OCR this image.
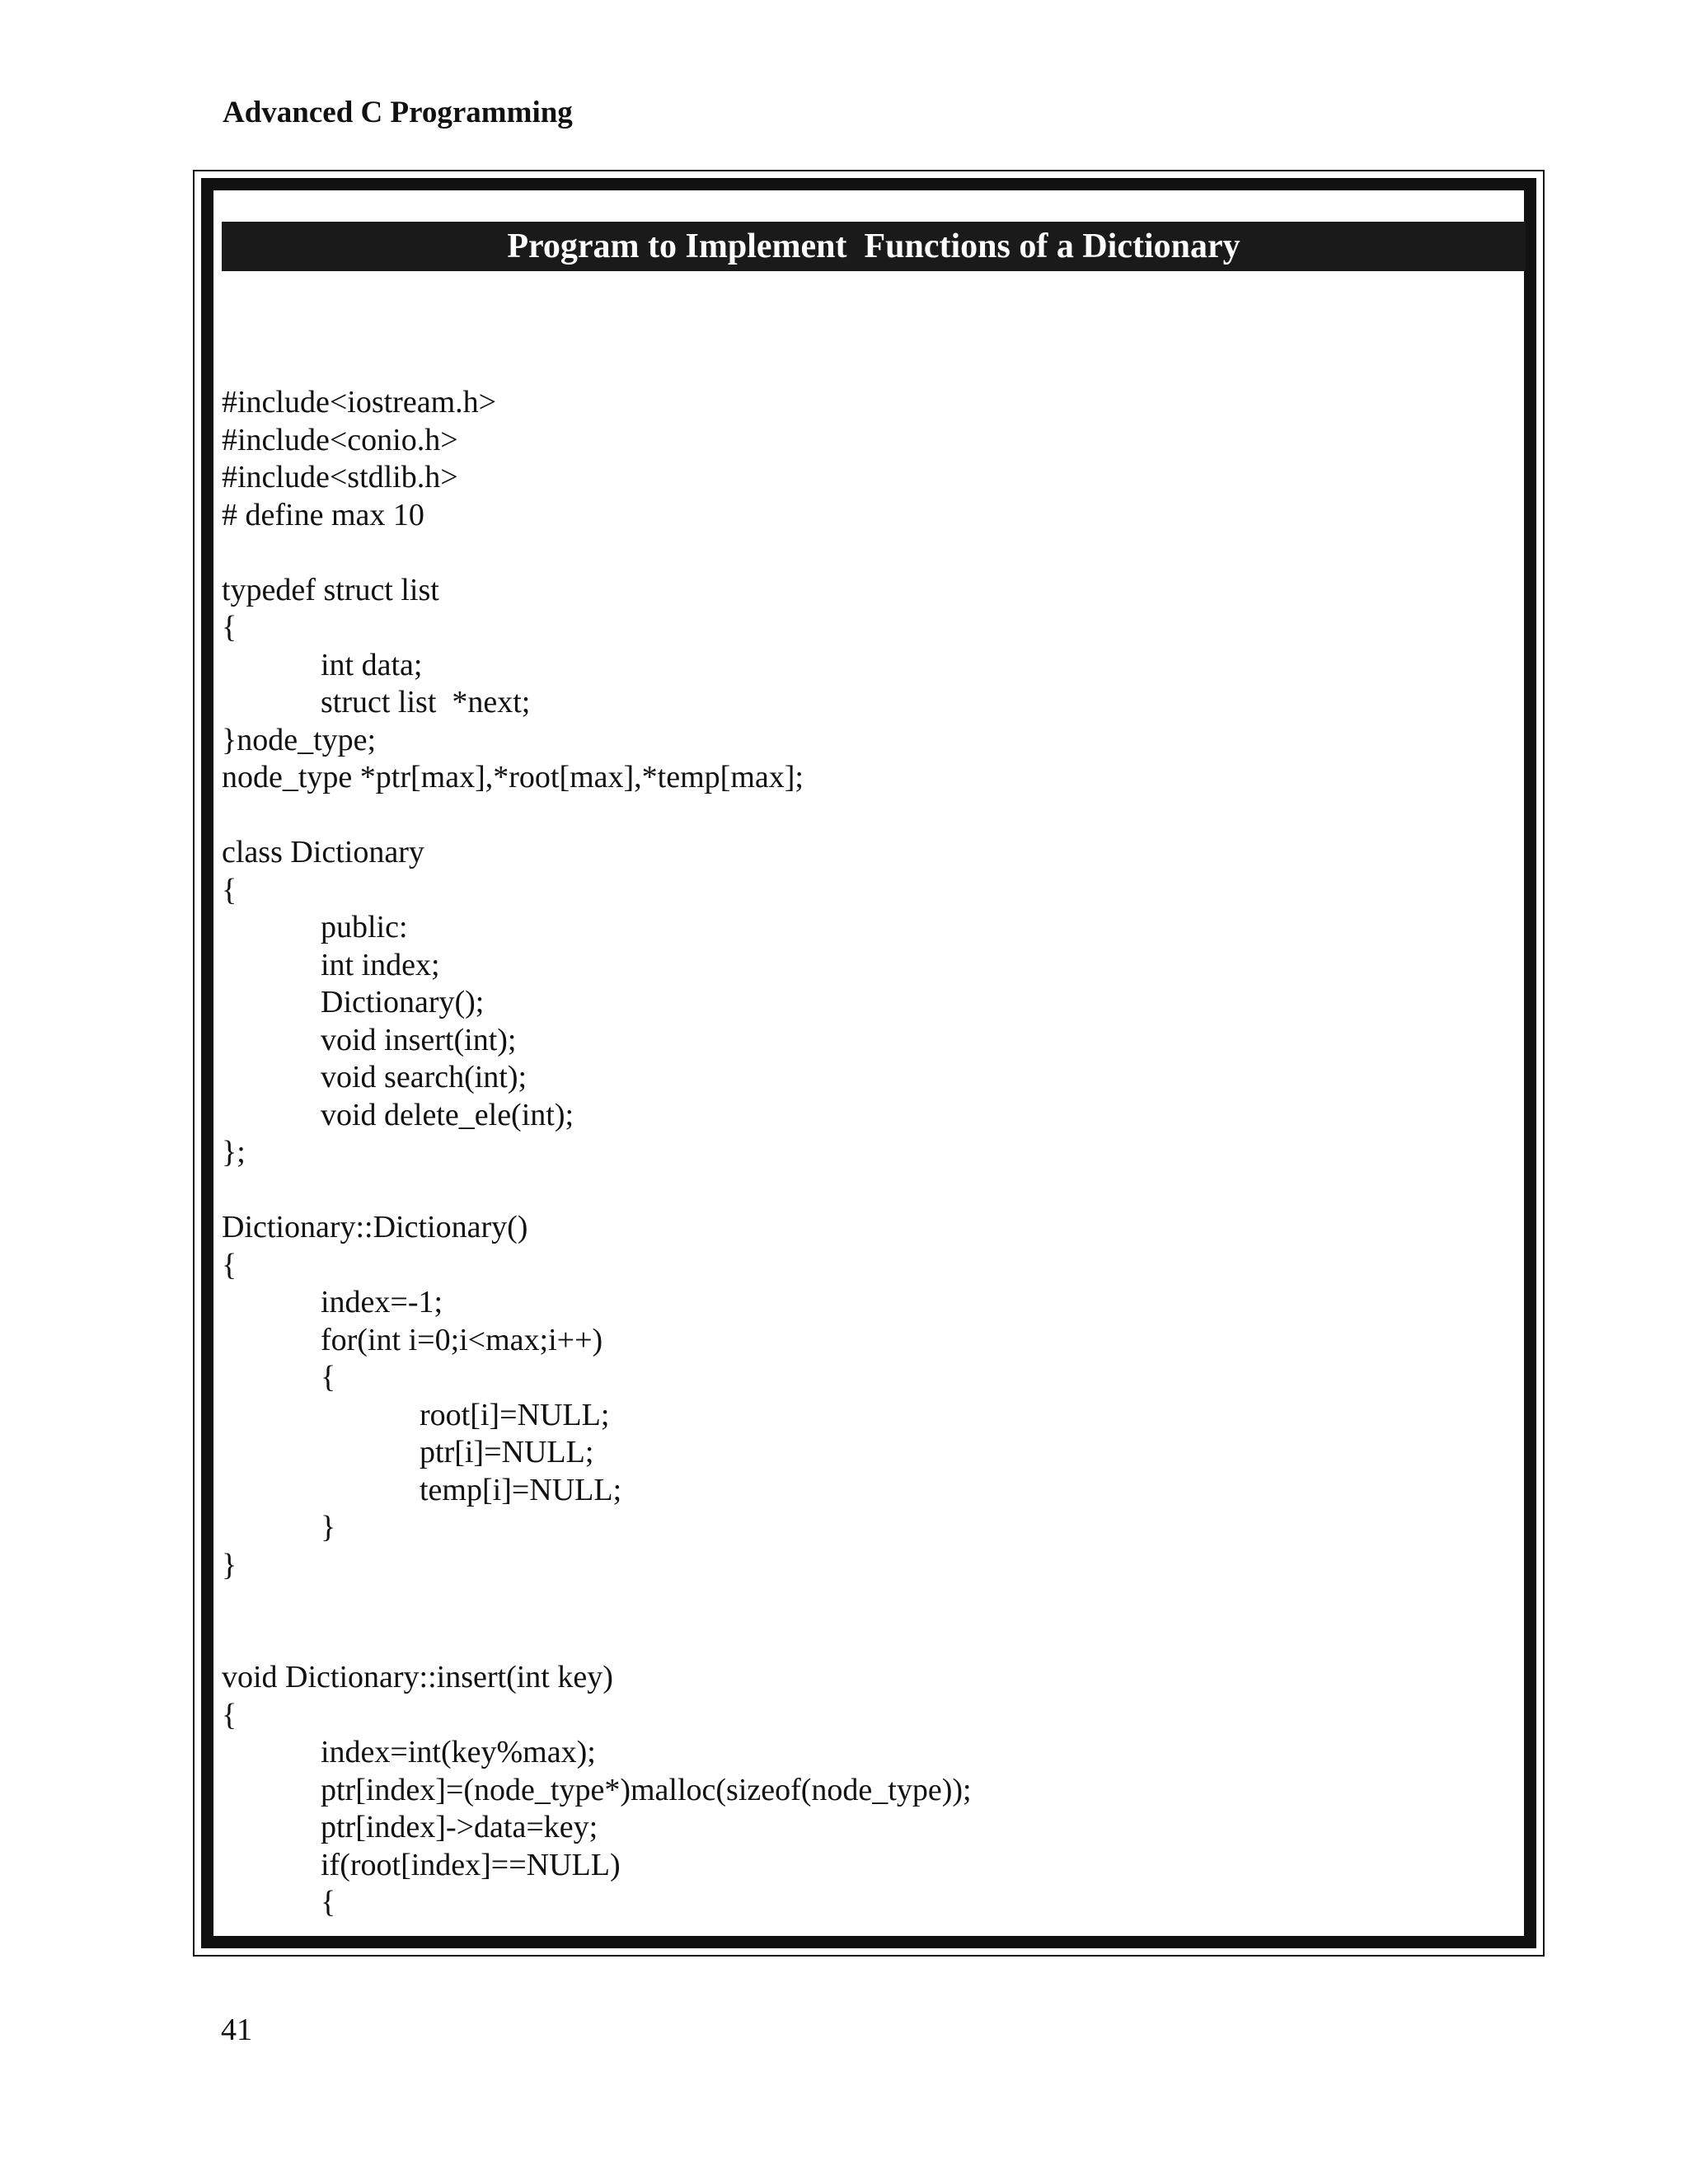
Advanced C Programming
Program to Implement  Functions of a Dictionary
#include<iostream.h>
#include<conio.h>
#include<stdlib.h>
# define max 10
typedef struct list
{
int data;
struct list  *next;
}node_type;
node_type *ptr[max],*root[max],*temp[max];
class Dictionary
{
public:
int index;
Dictionary();
void insert(int);
void search(int);
void delete_ele(int);
};
Dictionary::Dictionary()
{
index=-1;
for(int i=0;i<max;i++)
{
root[i]=NULL;
ptr[i]=NULL;
temp[i]=NULL;
}
}
void Dictionary::insert(int key)
{
index=int(key%max);
ptr[index]=(node_type*)malloc(sizeof(node_type));
ptr[index]->data=key;
if(root[index]==NULL)
{
41
